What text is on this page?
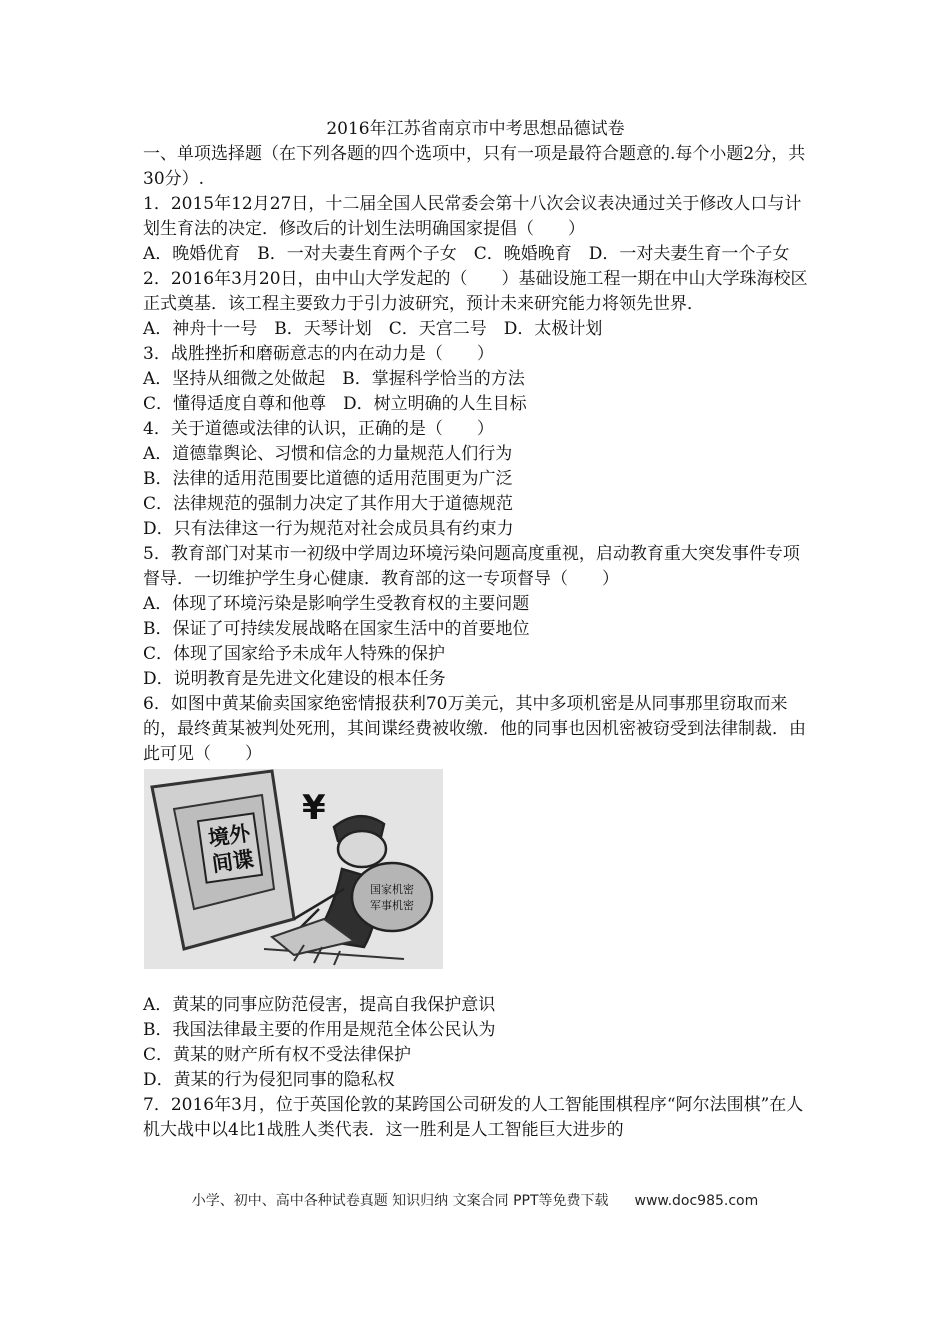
2016年江苏省南京市中考思想品德试卷
一、单项选择题（在下列各题的四个选项中，只有一项是最符合题意的.每个小题2分，共30分）.
1．2015年12月27日，十二届全国人民常委会第十八次会议表决通过关于修改人口与计划生育法的决定．修改后的计划生法明确国家提倡（　　）
A．晚婚优育　B．一对夫妻生育两个子女　C．晚婚晚育　D．一对夫妻生育一个子女
2．2016年3月20日，由中山大学发起的（　　）基础设施工程一期在中山大学珠海校区正式奠基．该工程主要致力于引力波研究，预计未来研究能力将领先世界．
A．神舟十一号　B．天琴计划　C．天宫二号　D．太极计划
3．战胜挫折和磨砺意志的内在动力是（　　）
A．坚持从细微之处做起　B．掌握科学恰当的方法
C．懂得适度自尊和他尊　D．树立明确的人生目标
4．关于道德或法律的认识，正确的是（　　）
A．道德靠舆论、习惯和信念的力量规范人们行为
B．法律的适用范围要比道德的适用范围更为广泛
C．法律规范的强制力决定了其作用大于道德规范
D．只有法律这一行为规范对社会成员具有约束力
5．教育部门对某市一初级中学周边环境污染问题高度重视，启动教育重大突发事件专项督导．一切维护学生身心健康．教育部的这一专项督导（　　）
A．体现了环境污染是影响学生受教育权的主要问题
B．保证了可持续发展战略在国家生活中的首要地位
C．体现了国家给予未成年人特殊的保护
D．说明教育是先进文化建设的根本任务
6．如图中黄某偷卖国家绝密情报获利70万美元，其中多项机密是从同事那里窃取而来的，最终黄某被判处死刑，其间谍经费被收缴．他的同事也因机密被窃受到法律制裁．由此可见（　　）
境外
间谍
¥
国家机密
军事机密
A．黄某的同事应防范侵害，提高自我保护意识
B．我国法律最主要的作用是规范全体公民认为
C．黄某的财产所有权不受法律保护
D．黄某的行为侵犯同事的隐私权
7．2016年3月，位于英国伦敦的某跨国公司研发的人工智能围棋程序“阿尔法围棋”在人机大战中以4比1战胜人类代表．这一胜利是人工智能巨大进步的
小学、初中、高中各种试卷真题 知识归纳 文案合同 PPT等免费下载 www.doc985.com
